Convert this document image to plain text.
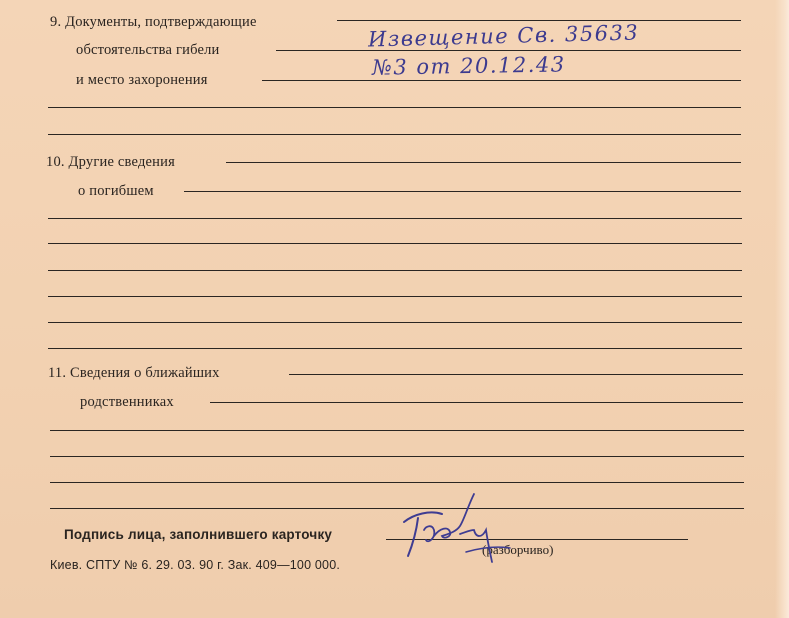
9. Документы, подтверждающие
обстоятельства гибели	Извещение Св. 35633
и место захоронения
№3 от 20.12.43
10. Другие сведения
о погибшем
11. Сведения о ближайших
родственниках
Подпись лица, заполнившего карточку
(разборчиво)
Киев. СПТУ № 6. 29. 03. 90 г. Зак. 409—100 000.
